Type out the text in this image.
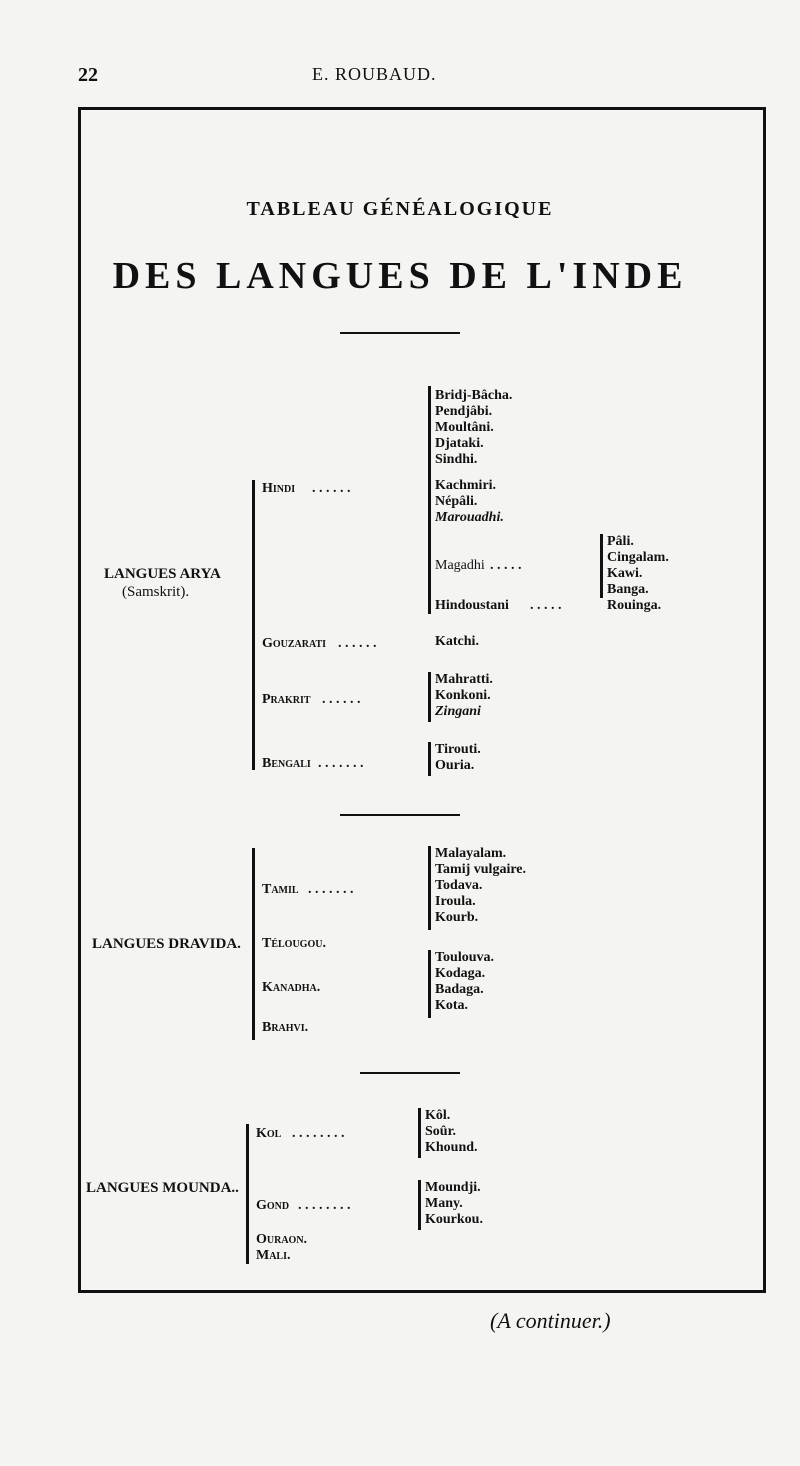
22	E. ROUBAUD.
TABLEAU GÉNÉALOGIQUE
DES LANGUES DE L'INDE
LANGUES ARYA
(Samskrit).
Hindi . . . . . .
Bridj-Bâcha.
Pendjâbi.
Moultâni.
Djataki.
Sindhi.
Kachmiri.
Népâli.
Marouadhi.
Magadhi . . . . .
Pâli.
Cingalam.
Kawi.
Banga.
Hindoustani . . . . .	Rouinga.
Gouzarati . . . . . .	Katchi.
Prakrit . . . . . .
Mahratti.
Konkoni.
Zingani
Bengali . . . . . . .
Tirouti.
Ouria.
LANGUES DRAVIDA.
Tamil . . . . . . .
Malayalam.
Tamij vulgaire.
Todava.
Iroula.
Kourb.
Télougou.
Kanadha.
Toulouva.
Kodaga.
Badaga.
Kota.
Brahvi.
LANGUES MOUNDA..
Kol . . . . . . . .
Kôl.
Soûr.
Khound.
Gond . . . . . . . .
Moundji.
Many.
Kourkou.
Ouraon.
Mali.
(A continuer.)
